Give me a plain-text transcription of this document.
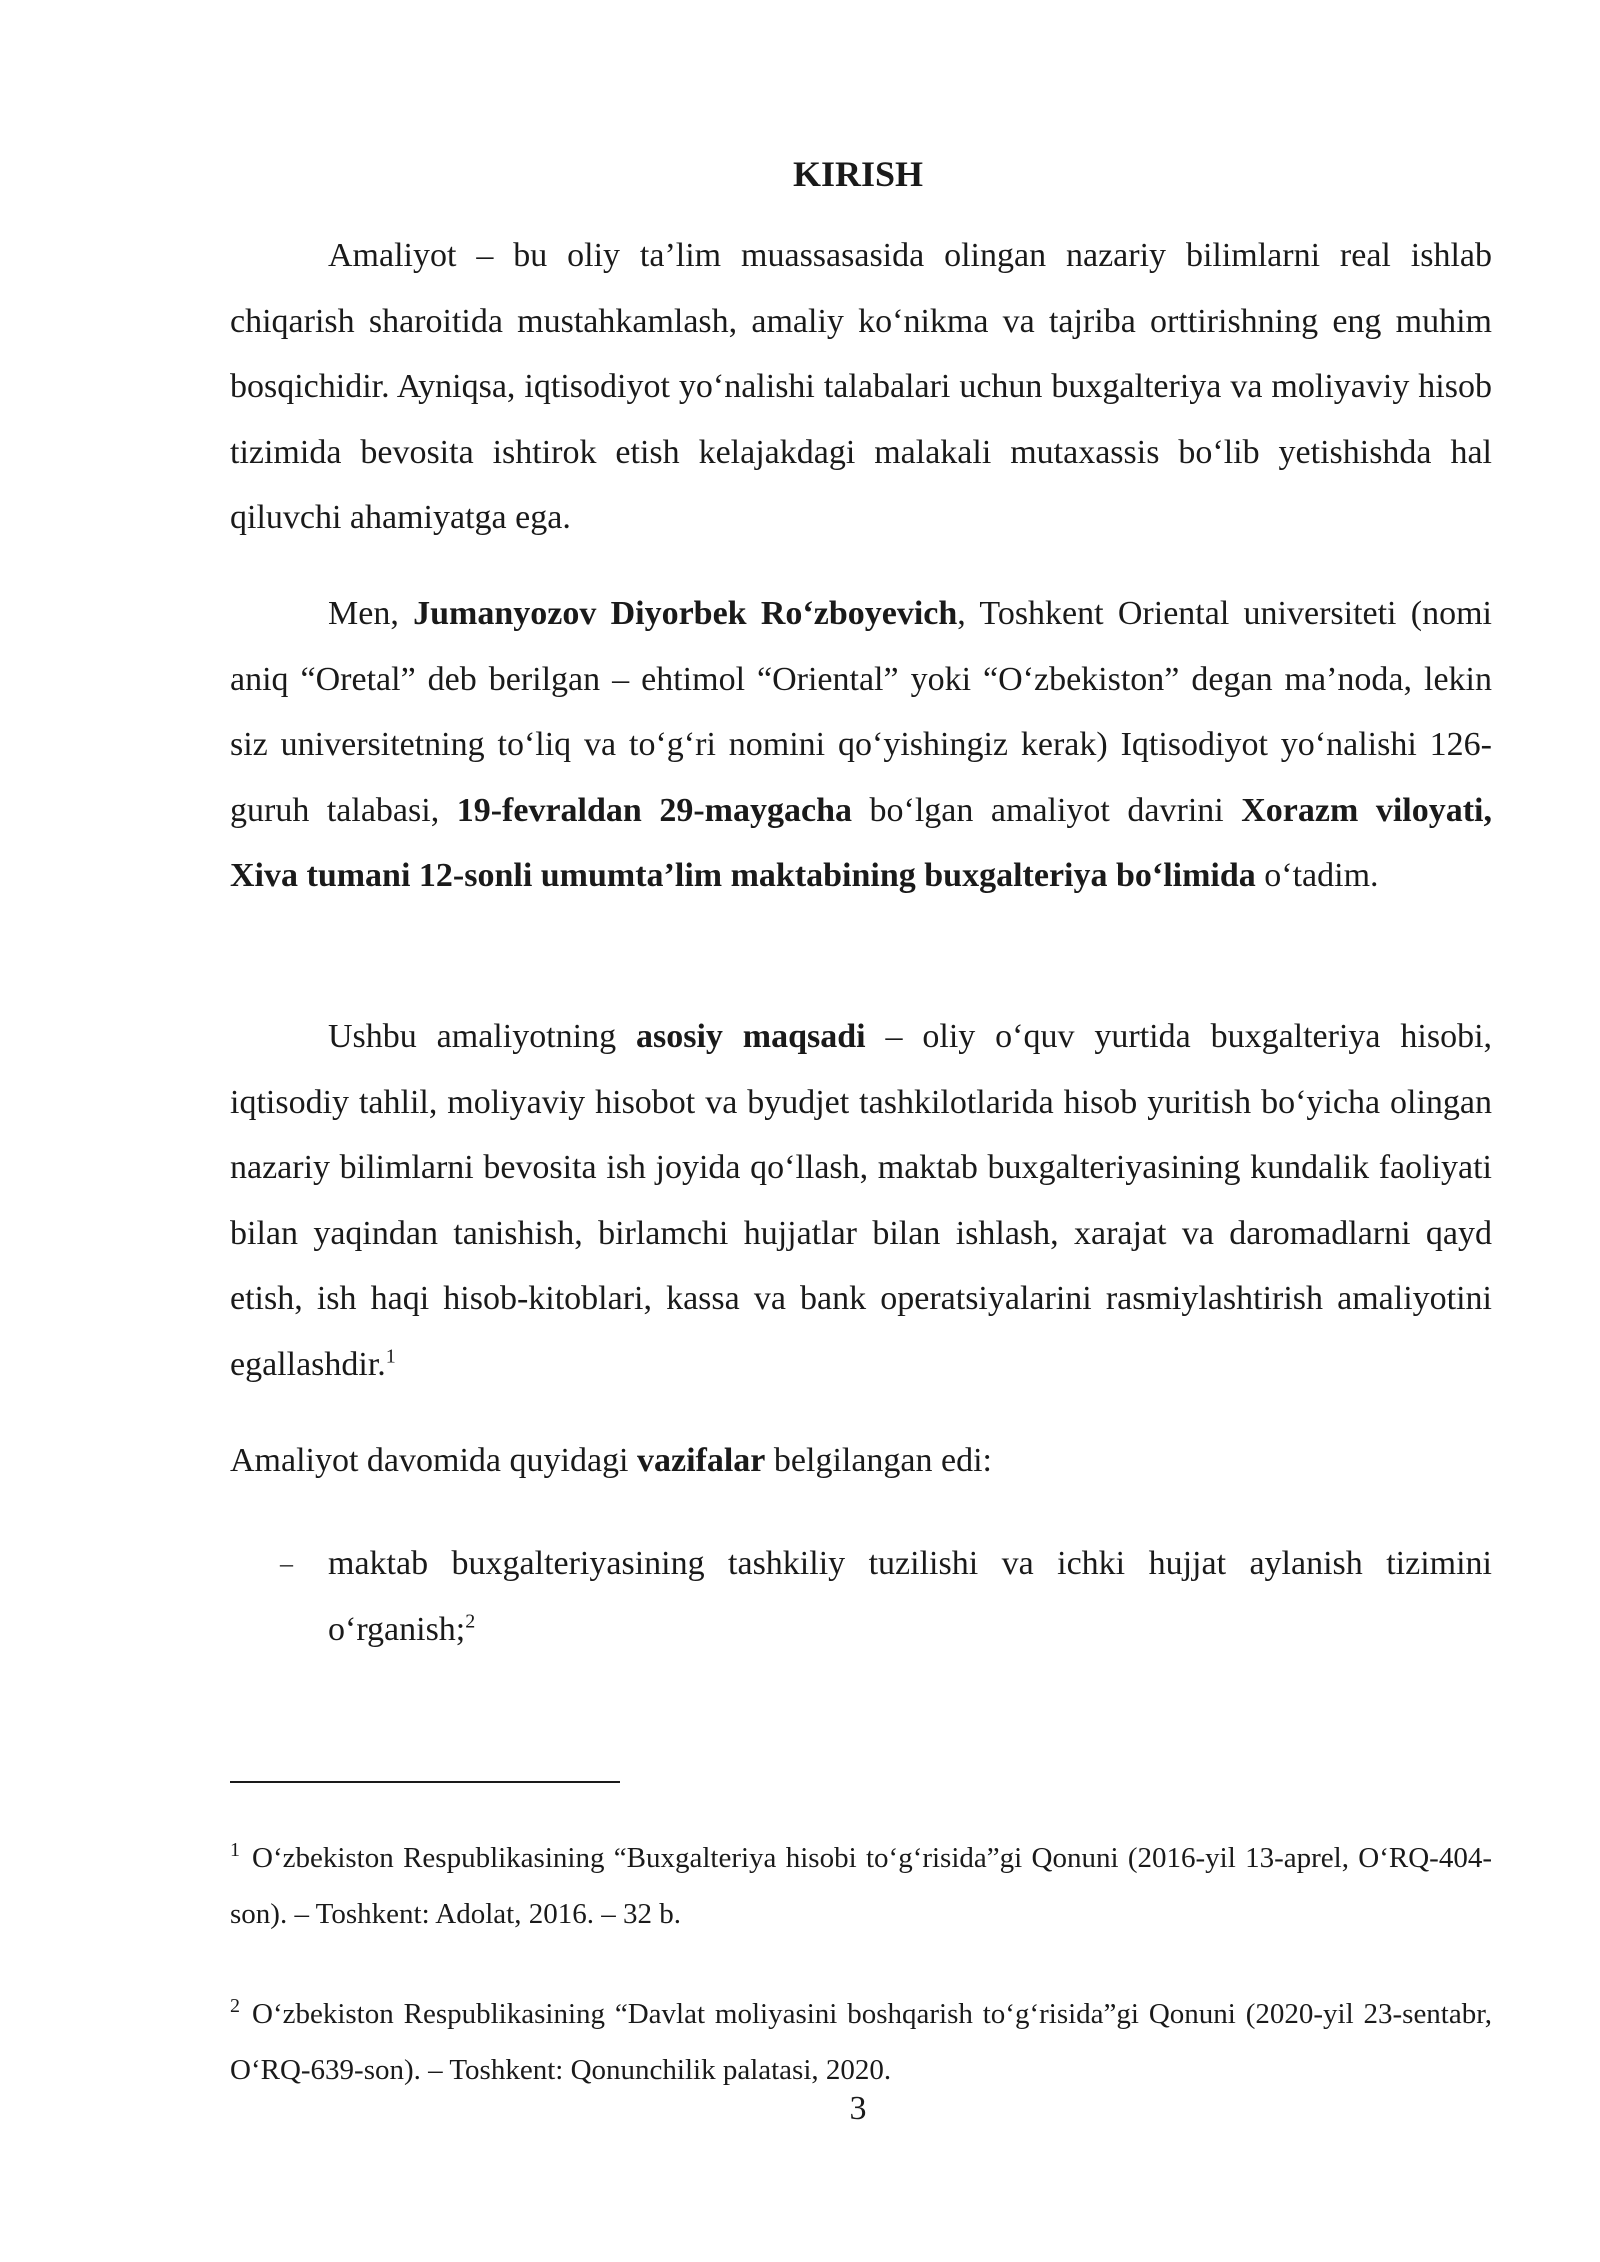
KIRISH

Amaliyot – bu oliy ta’lim muassasasida olingan nazariy bilimlarni real ishlab chiqarish sharoitida mustahkamlash, amaliy koʻnikma va tajriba orttirishning eng muhim bosqichidir. Ayniqsa, iqtisodiyot yoʻnalishi talabalari uchun buxgalteriya va moliyaviy hisob tizimida bevosita ishtirok etish kelajakdagi malakali mutaxassis boʻlib yetishishda hal qiluvchi ahamiyatga ega.

Men, Jumanyozov Diyorbek Roʻzboyevich, Toshkent Oriental universiteti (nomi aniq “Oretal” deb berilgan – ehtimol “Oriental” yoki “Oʻzbekiston” degan ma’noda, lekin siz universitetning toʻliq va toʻgʻri nomini qoʻyishingiz kerak) Iqtisodiyot yoʻnalishi 126-guruh talabasi, 19-fevraldan 29-maygacha boʻlgan amaliyot davrini Xorazm viloyati, Xiva tumani 12-sonli umumta’lim maktabining buxgalteriya boʻlimida oʻtadim.

Ushbu amaliyotning asosiy maqsadi – oliy oʻquv yurtida buxgalteriya hisobi, iqtisodiy tahlil, moliyaviy hisobot va byudjet tashkilotlarida hisob yuritish boʻyicha olingan nazariy bilimlarni bevosita ish joyida qoʻllash, maktab buxgalteriyasining kundalik faoliyati bilan yaqindan tanishish, birlamchi hujjatlar bilan ishlash, xarajat va daromadlarni qayd etish, ish haqi hisob-kitoblari, kassa va bank operatsiyalarini rasmiylashtirish amaliyotini egallashdir.$^1$

Amaliyot davomida quyidagi vazifalar belgilangan edi:

– maktab buxgalteriyasining tashkiliy tuzilishi va ichki hujjat aylanish tizimini oʻrganish;$^2$

$^1$ Oʻzbekiston Respublikasining “Buxgalteriya hisobi toʻgʻrisida”gi Qonuni (2016-yil 13-aprel, OʻRQ-404-son). – Toshkent: Adolat, 2016. – 32 b.

$^2$ Oʻzbekiston Respublikasining “Davlat moliyasini boshqarish toʻgʻrisida”gi Qonuni (2020-yil 23-sentabr, OʻRQ-639-son). – Toshkent: Qonunchilik palatasi, 2020.

3
